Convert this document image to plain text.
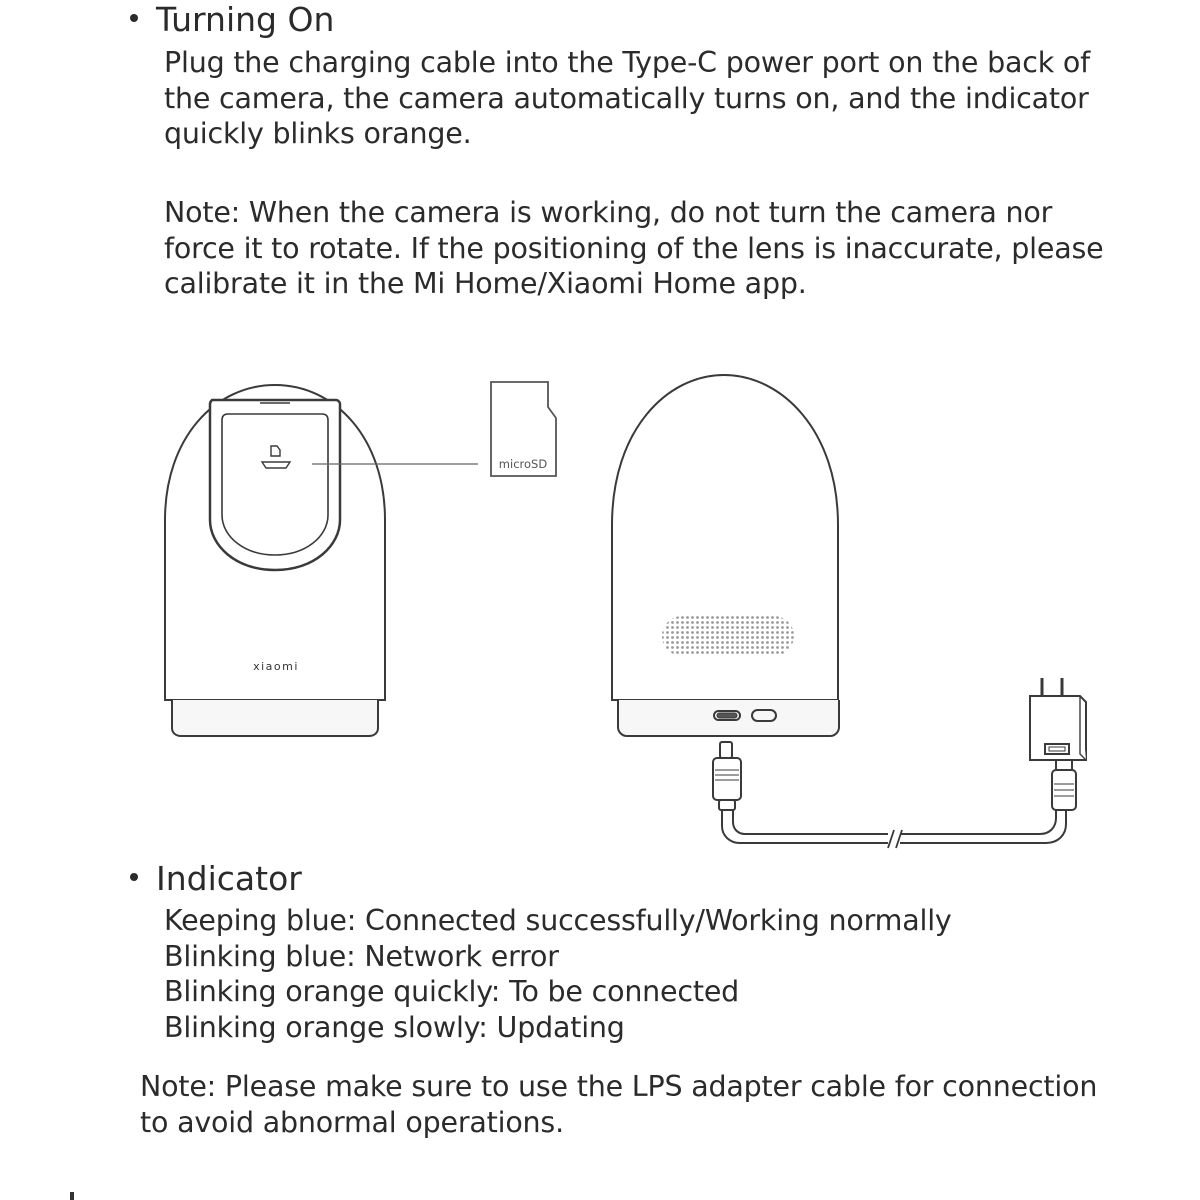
Turning On
Plug the charging cable into the Type-C power port on the back of
the camera, the camera automatically turns on, and the indicator
quickly blinks orange.
Note: When the camera is working, do not turn the camera nor
force it to rotate. If the positioning of the lens is inaccurate, please
calibrate it in the Mi Home/Xiaomi Home app.
microSD
xiaomi
Indicator
Keeping blue: Connected successfully/Working normally
Blinking blue: Network error
Blinking orange quickly: To be connected
Blinking orange slowly: Updating
Note: Please make sure to use the LPS adapter cable for connection
to avoid abnormal operations.
